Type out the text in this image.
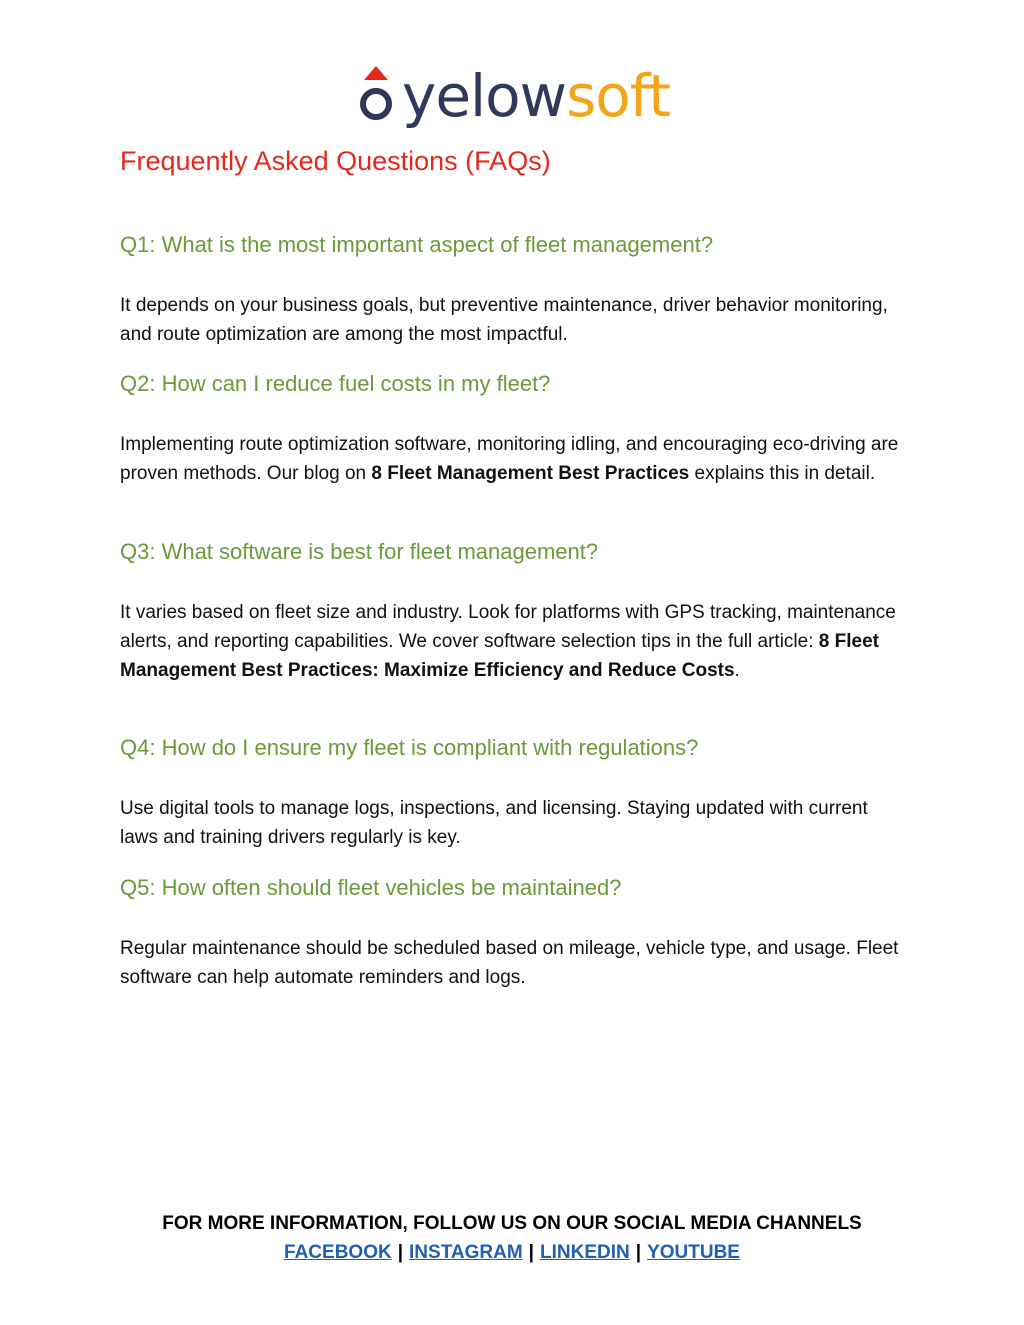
yelowsoft
Frequently Asked Questions (FAQs)
Q1: What is the most important aspect of fleet management?

It depends on your business goals, but preventive maintenance, driver behavior monitoring, and route optimization are among the most impactful.

Q2: How can I reduce fuel costs in my fleet?

Implementing route optimization software, monitoring idling, and encouraging eco-driving are proven methods. Our blog on 8 Fleet Management Best Practices explains this in detail.

Q3: What software is best for fleet management?

It varies based on fleet size and industry. Look for platforms with GPS tracking, maintenance alerts, and reporting capabilities. We cover software selection tips in the full article: 8 Fleet Management Best Practices: Maximize Efficiency and Reduce Costs.

Q4: How do I ensure my fleet is compliant with regulations?

Use digital tools to manage logs, inspections, and licensing. Staying updated with current laws and training drivers regularly is key.

Q5: How often should fleet vehicles be maintained?

Regular maintenance should be scheduled based on mileage, vehicle type, and usage. Fleet software can help automate reminders and logs.

FOR MORE INFORMATION, FOLLOW US ON OUR SOCIAL MEDIA CHANNELS
FACEBOOK | INSTAGRAM | LINKEDIN | YOUTUBE
